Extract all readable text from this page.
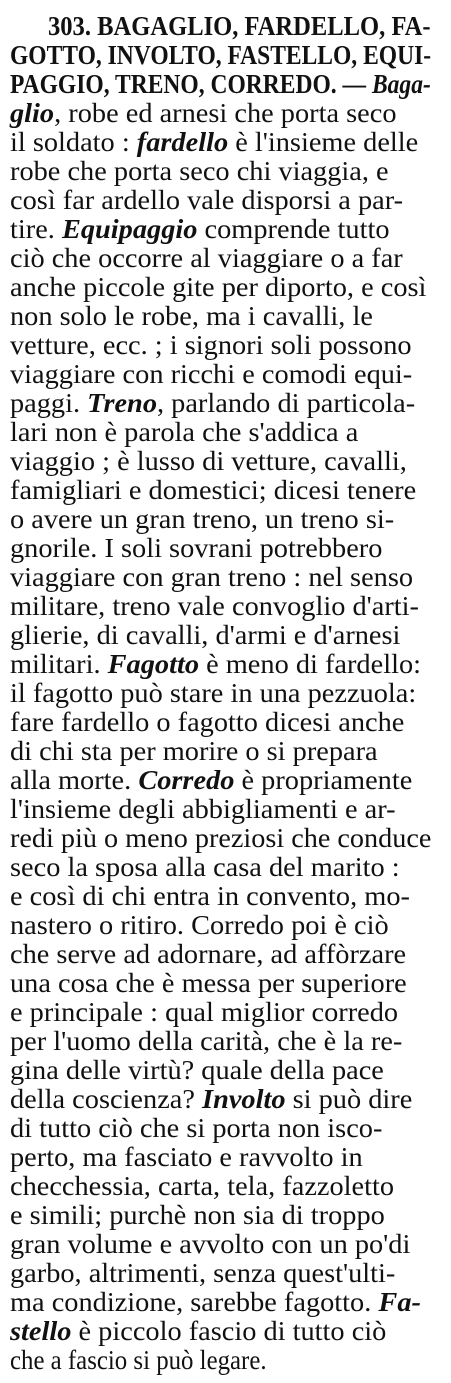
303. BAGAGLIO, FARDELLO, FA-
GOTTO, INVOLTO, FASTELLO, EQUI-
PAGGIO, TRENO, CORREDO. — Baga-
glio, robe ed arnesi che porta seco
il soldato : fardello è l'insieme delle
robe che porta seco chi viaggia, e
così far ardello vale disporsi a par-
tire. Equipaggio comprende tutto
ciò che occorre al viaggiare o a far
anche piccole gite per diporto, e così
non solo le robe, ma i cavalli, le
vetture, ecc. ; i signori soli possono
viaggiare con ricchi e comodi equi-
paggi. Treno, parlando di particola-
lari non è parola che s'addica a
viaggio ; è lusso di vetture, cavalli,
famigliari e domestici; dicesi tenere
o avere un gran treno, un treno si-
gnorile. I soli sovrani potrebbero
viaggiare con gran treno : nel senso
militare, treno vale convoglio d'arti-
glierie, di cavalli, d'armi e d'arnesi
militari. Fagotto è meno di fardello:
il fagotto può stare in una pezzuola:
fare fardello o fagotto dicesi anche
di chi sta per morire o si prepara
alla morte. Corredo è propriamente
l'insieme degli abbigliamenti e ar-
redi più o meno preziosi che conduce
seco la sposa alla casa del marito :
e così di chi entra in convento, mo-
nastero o ritiro. Corredo poi è ciò
che serve ad adornare, ad affòrzare
una cosa che è messa per superiore
e principale : qual miglior corredo
per l'uomo della carità, che è la re-
gina delle virtù? quale della pace
della coscienza? Involto si può dire
di tutto ciò che si porta non isco-
perto, ma fasciato e ravvolto in
checchessia, carta, tela, fazzoletto
e simili; purchè non sia di troppo
gran volume e avvolto con un po'di
garbo, altrimenti, senza quest'ulti-
ma condizione, sarebbe fagotto. Fa-
stello è piccolo fascio di tutto ciò
che a fascio si può legare.
